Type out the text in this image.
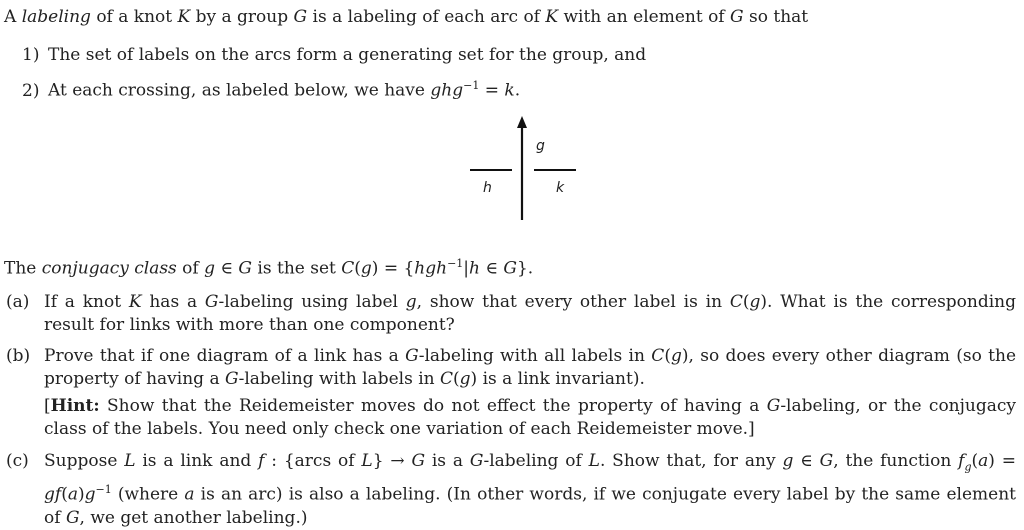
A labeling of a knot K by a group G is a labeling of each arc of K with an element of G so that
1) The set of labels on the arcs form a generating set for the group, and
2) At each crossing, as labeled below, we have ghg$^{-1}$ = k.
g
h	k
The conjugacy class of g ∈ G is the set C(g) = {hgh$^{-1}$|h ∈ G}.
(a) If a knot K has a G-labeling using label g, show that every other label is in C(g). What is the corresponding result for links with more than one component?
(b) Prove that if one diagram of a link has a G-labeling with all labels in C(g), so does every other diagram (so the property of having a G-labeling with labels in C(g) is a link invariant).

[Hint: Show that the Reidemeister moves do not effect the property of having a G-labeling, or the conjugacy class of the labels. You need only check one variation of each Reidemeister move.]

(c) Suppose L is a link and f : {arcs of L} → G is a G-labeling of L. Show that, for any g ∈ G, the function $f_g(a) = gf(a)g^{-1}$ (where a is an arc) is also a labeling. (In other words, if we conjugate every label by the same element of G, we get another labeling.)
